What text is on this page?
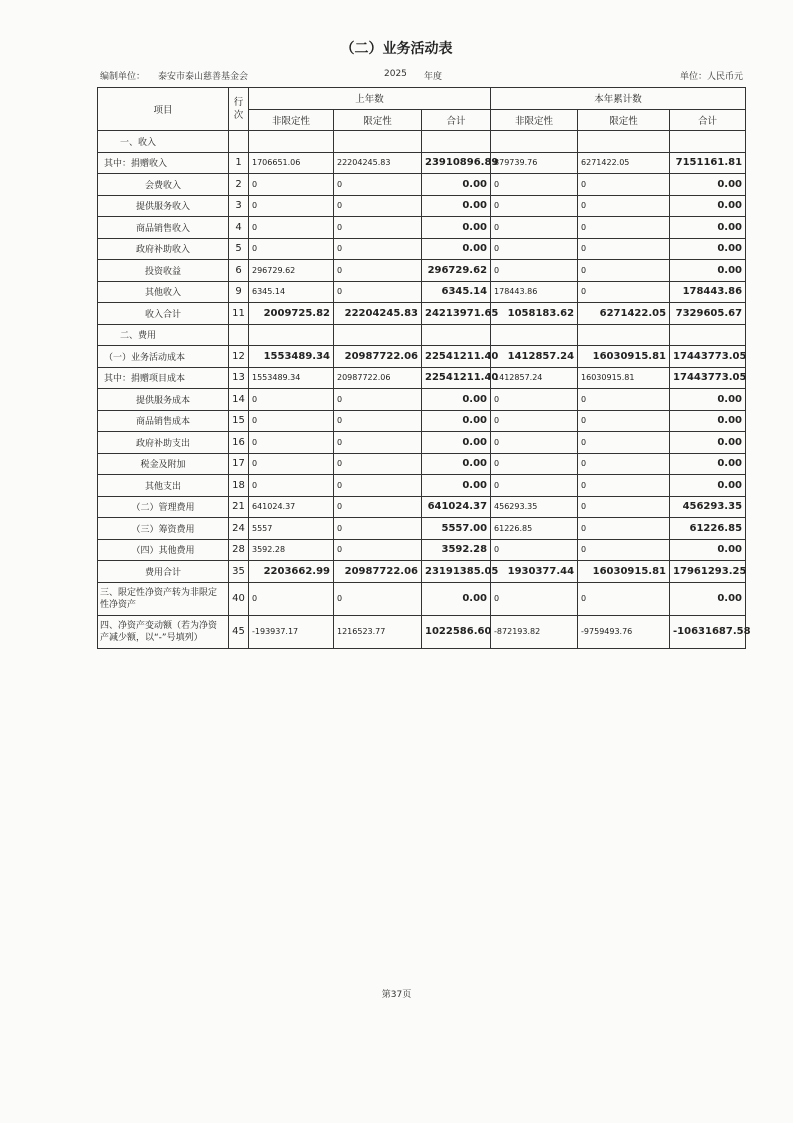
（二）业务活动表
编制单位： 泰安市泰山慈善基金会	2025 年度	单位：人民币元
项目	行次	上年数			本年累计数		
		非限定性	限定性	合计	非限定性	限定性	合计
一、收入							
其中：捐赠收入	1	1706651.06	22204245.83	23910896.89	879739.76	6271422.05	7151161.81
会费收入	2	0	0	0.00	0	0	0.00
提供服务收入	3	0	0	0.00	0	0	0.00
商品销售收入	4	0	0	0.00	0	0	0.00
政府补助收入	5	0	0	0.00	0	0	0.00
投资收益	6	296729.62	0	296729.62	0	0	0.00
其他收入	9	6345.14	0	6345.14	178443.86	0	178443.86
收入合计	11	2009725.82	22204245.83	24213971.65	1058183.62	6271422.05	7329605.67
二、费用							
（一）业务活动成本	12	1553489.34	20987722.06	22541211.40	1412857.24	16030915.81	17443773.05
其中：捐赠项目成本	13	1553489.34	20987722.06	22541211.40	1412857.24	16030915.81	17443773.05
提供服务成本	14	0	0	0.00	0	0	0.00
商品销售成本	15	0	0	0.00	0	0	0.00
政府补助支出	16	0	0	0.00	0	0	0.00
税金及附加	17	0	0	0.00	0	0	0.00
其他支出	18	0	0	0.00	0	0	0.00
（二）管理费用	21	641024.37	0	641024.37	456293.35	0	456293.35
（三）筹资费用	24	5557	0	5557.00	61226.85	0	61226.85
（四）其他费用	28	3592.28	0	3592.28	0	0	0.00
费用合计	35	2203662.99	20987722.06	23191385.05	1930377.44	16030915.81	17961293.25
三、限定性净资产转为非限定性净资产	40	0	0	0.00	0	0	0.00
四、净资产变动额（若为净资产减少额，以“-”号填列）	45	-193937.17	1216523.77	1022586.60	-872193.82	-9759493.76	-10631687.58
第37页
